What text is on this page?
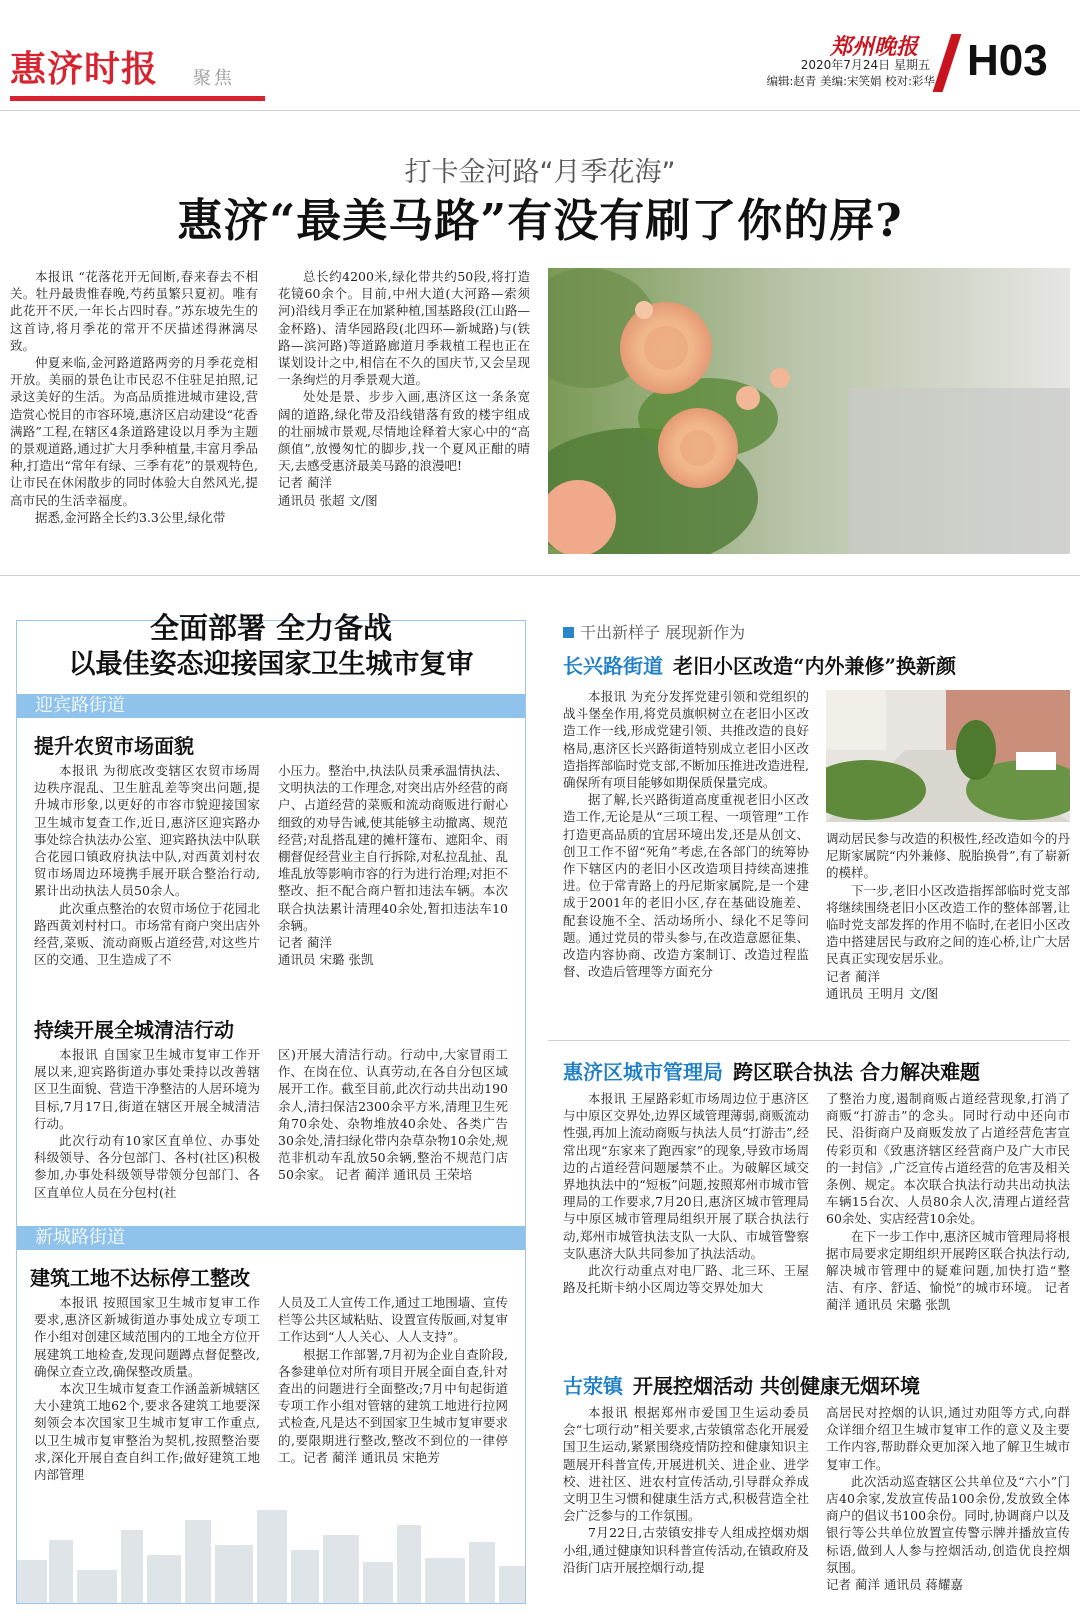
惠济时报	聚焦
郑州晚报
2020年7月24日 星期五
编辑:赵青 美编:宋笑娟 校对:彩华 H03
打卡金河路“月季花海”
惠济“最美马路”有没有刷了你的屏?

本报讯 “花落花开无间断,春来春去不相关。牡丹最贵惟春晚,芍药虽繁只夏初。唯有此花开不厌,一年长占四时春。”苏东坡先生的这首诗,将月季花的常开不厌描述得淋漓尽致。

仲夏来临,金河路道路两旁的月季花竞相开放。美丽的景色让市民忍不住驻足拍照,记录这美好的生活。为高品质推进城市建设,营造赏心悦目的市容环境,惠济区启动建设“花香满路”工程,在辖区4条道路建设以月季为主题的景观道路,通过扩大月季种植量,丰富月季品种,打造出“常年有绿、三季有花”的景观特色,让市民在休闲散步的同时体验大自然风光,提高市民的生活幸福度。

据悉,金河路全长约3.3公里,绿化带

总长约4200米,绿化带共约50段,将打造花镜60余个。目前,中州大道(大河路—索须河)沿线月季正在加紧种植,国基路段(江山路—金杯路)、清华园路段(北四环—新城路)与(铁路—滨河路)等道路廊道月季栽植工程也正在谋划设计之中,相信在不久的国庆节,又会呈现一条绚烂的月季景观大道。

处处是景、步步入画,惠济区这一条条宽阔的道路,绿化带及沿线错落有致的楼宇组成的壮丽城市景观,尽情地诠释着大家心中的“高颜值”,放慢匆忙的脚步,找一个夏风正酣的晴天,去感受惠济最美马路的浪漫吧!

记者 蔺洋

通讯员 张超 文/图

全面部署 全力备战
以最佳姿态迎接国家卫生城市复审
迎宾路街道
提升农贸市场面貌

本报讯 为彻底改变辖区农贸市场周边秩序混乱、卫生脏乱差等突出问题,提升城市形象,以更好的市容市貌迎接国家卫生城市复查工作,近日,惠济区迎宾路办事处综合执法办公室、迎宾路执法中队联合花园口镇政府执法中队,对西黄刘村农贸市场周边环境携手展开联合整治行动,累计出动执法人员50余人。

此次重点整治的农贸市场位于花园北路西黄刘村村口。市场常有商户突出店外经营,菜贩、流动商贩占道经营,对这些片区的交通、卫生造成了不

小压力。整治中,执法队员秉承温情执法、文明执法的工作理念,对突出店外经营的商户、占道经营的菜贩和流动商贩进行耐心细致的劝导告诫,使其能够主动撤离、规范经营;对乱搭乱建的摊杆篷布、遮阳伞、雨棚督促经营业主自行拆除,对私拉乱扯、乱堆乱放等影响市容的行为进行治理;对拒不整改、拒不配合商户暂扣违法车辆。本次联合执法累计清理40余处,暂扣违法车10余辆。

记者 蔺洋

通讯员 宋璐 张凯

持续开展全城清洁行动

本报讯 自国家卫生城市复审工作开展以来,迎宾路街道办事处秉持以改善辖区卫生面貌、营造干净整洁的人居环境为目标,7月17日,街道在辖区开展全城清洁行动。

此次行动有10家区直单位、办事处科级领导、各分包部门、各村(社区)积极参加,办事处科级领导带领分包部门、各区直单位人员在分包村(社

区)开展大清洁行动。行动中,大家冒雨工作、在岗在位、认真劳动,在各自分包区域展开工作。截至目前,此次行动共出动190余人,清扫保洁2300余平方米,清理卫生死角70余处、杂物堆放40余处、各类广告30余处,清扫绿化带内杂草杂物10余处,规范非机动车乱放50余辆,整治不规范门店50余家。 记者 蔺洋 通讯员 王荣培

新城路街道
建筑工地不达标停工整改

本报讯 按照国家卫生城市复审工作要求,惠济区新城街道办事处成立专项工作小组对创建区域范围内的工地全方位开展建筑工地检查,发现问题蹲点督促整改,确保立查立改,确保整改质量。

本次卫生城市复查工作涵盖新城辖区大小建筑工地62个,要求各建筑工地要深刻领会本次国家卫生城市复审工作重点,以卫生城市复审整治为契机,按照整治要求,深化开展自查自纠工作;做好建筑工地内部管理

人员及工人宣传工作,通过工地围墙、宣传栏等公共区域粘贴、设置宣传版画,对复审工作达到“人人关心、人人支持”。

根据工作部署,7月初为企业自查阶段,各参建单位对所有项目开展全面自查,针对查出的问题进行全面整改;7月中旬起街道专项工作小组对管辖的建筑工地进行拉网式检查,凡是达不到国家卫生城市复审要求的,要限期进行整改,整改不到位的一律停工。记者 蔺洋 通讯员 宋艳芳

干出新样子 展现新作为
长兴路街道 老旧小区改造“内外兼修”换新颜

本报讯 为充分发挥党建引领和党组织的战斗堡垒作用,将党员旗帜树立在老旧小区改造工作一线,形成党建引领、共推改造的良好格局,惠济区长兴路街道特别成立老旧小区改造指挥部临时党支部,不断加压推进改造进程,确保所有项目能够如期保质保量完成。

据了解,长兴路街道高度重视老旧小区改造工作,无论是从“三项工程、一项管理”工作打造更高品质的宜居环境出发,还是从创文、创卫工作不留“死角”考虑,在各部门的统筹协作下辖区内的老旧小区改造项目持续高速推进。位于常青路上的丹尼斯家属院,是一个建成于2001年的老旧小区,存在基础设施差、配套设施不全、活动场所小、绿化不足等问题。通过党员的带头参与,在改造意愿征集、改造内容协商、改造方案制订、改造过程监督、改造后管理等方面充分

调动居民参与改造的积极性,经改造如今的丹尼斯家属院“内外兼修、脱胎换骨”,有了崭新的模样。

下一步,老旧小区改造指挥部临时党支部将继续围绕老旧小区改造工作的整体部署,让临时党支部发挥的作用不临时,在老旧小区改造中搭建居民与政府之间的连心桥,让广大居民真正实现安居乐业。

记者 蔺洋

通讯员 王明月 文/图

惠济区城市管理局 跨区联合执法 合力解决难题

本报讯 王屋路彩虹市场周边位于惠济区与中原区交界处,边界区域管理薄弱,商贩流动性强,再加上流动商贩与执法人员“打游击”,经常出现“东家来了跑西家”的现象,导致市场周边的占道经营问题屡禁不止。为破解区域交界地执法中的“短板”问题,按照郑州市城市管理局的工作要求,7月20日,惠济区城市管理局与中原区城市管理局组织开展了联合执法行动,郑州市城管执法支队一大队、市城管警察支队惠济大队共同参加了执法活动。

此次行动重点对电厂路、北三环、王屋路及托斯卡纳小区周边等交界处加大

了整治力度,遏制商贩占道经营现象,打消了商贩“打游击”的念头。同时行动中还向市民、沿街商户及商贩发放了占道经营危害宣传彩页和《致惠济辖区经营商户及广大市民的一封信》,广泛宣传占道经营的危害及相关条例、规定。本次联合执法行动共出动执法车辆15台次、人员80余人次,清理占道经营60余处、实店经营10余处。

在下一步工作中,惠济区城市管理局将根据市局要求定期组织开展跨区联合执法行动,解决城市管理中的疑难问题,加快打造“整洁、有序、舒适、愉悦”的城市环境。 记者 蔺洋 通讯员 宋璐 张凯

古荥镇 开展控烟活动 共创健康无烟环境

本报讯 根据郑州市爱国卫生运动委员会“七项行动”相关要求,古荥镇常态化开展爱国卫生运动,紧紧围绕疫情防控和健康知识主题展开科普宣传,开展进机关、进企业、进学校、进社区、进农村宣传活动,引导群众养成文明卫生习惯和健康生活方式,积极营造全社会广泛参与的工作氛围。

7月22日,古荥镇安排专人组成控烟劝烟小组,通过健康知识科普宣传活动,在镇政府及沿街门店开展控烟行动,提

高居民对控烟的认识,通过劝阻等方式,向群众详细介绍卫生城市复审工作的意义及主要工作内容,帮助群众更加深入地了解卫生城市复审工作。

此次活动巡查辖区公共单位及“六小”门店40余家,发放宣传品100余份,发放致全体商户的倡议书100余份。同时,协调商户以及银行等公共单位放置宣传警示牌并播放宣传标语,做到人人参与控烟活动,创造优良控烟氛围。

记者 蔺洋 通讯员 蒋耀嘉
